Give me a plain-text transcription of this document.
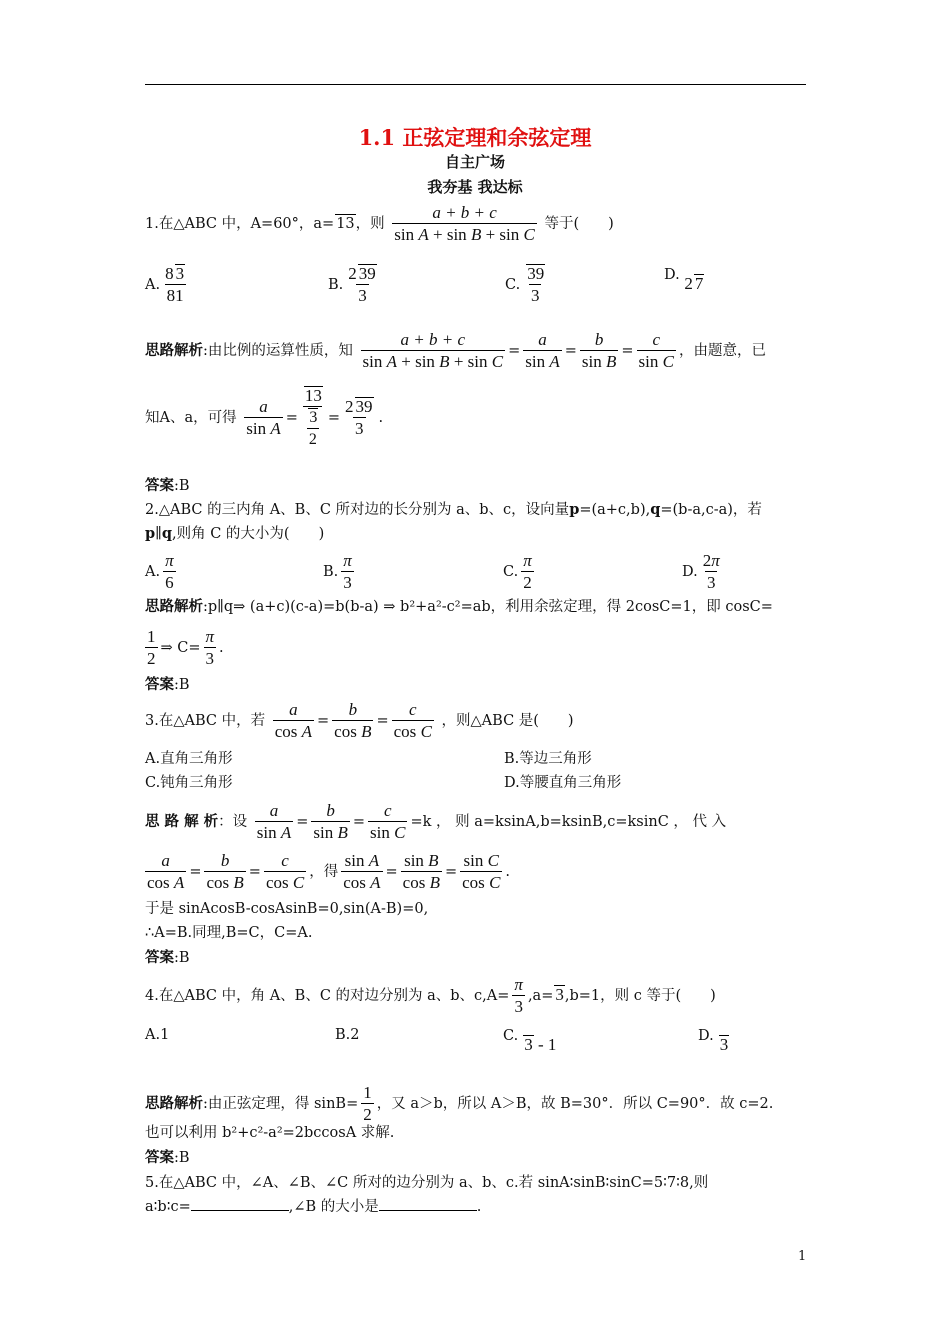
1.1 正弦定理和余弦定理
自主广场
我夯基 我达标
1.在△ABC 中，A=60°，a= 13，则 $\frac{a + b + c}{\text{sin A + sin B + sin C}}$ 等于(　　)
A. $\frac{8 3}{81}$	B. $\frac{2 39}{3}$	C. $\frac{39}{3}$	D. 2 7
思路解析:由比例的运算性质，知 $\frac{a + b + c}{\text{sin A + sin B + sin C}} = \frac{a}{\text{sin A}} = \frac{b}{\text{sin B}} = \frac{c}{\text{sin C}}$ ，由题意，已
知A、a，可得 $\frac{a}{\text{sin A}} = \frac{13}{\frac{3}{2}} = \frac{2 39}{3}$ .
答案:B
2.△ABC 的三内角 A、B、C 所对边的长分别为 a、b、c，设向量p=(a+c,b),q=(b-a,c-a)，若
p∥q,则角 C 的大小为(　　)
A. $\frac{\pi}{6}$	B. $\frac{\pi}{3}$	C. $\frac{\pi}{2}$	D. $\frac{2\pi}{3}$
思路解析:p∥q⇒ (a+c)(c-a)=b(b-a) ⇒ b²+a²-c²=ab，利用余弦定理，得 2cosC=1，即 cosC=
$\frac{1}{2}$ ⇒ $C= \frac{\pi}{3}$ .
答案:B
3.在△ABC 中，若 $\frac{a}{\text{cos A}} = \frac{b}{\text{cos B}} = \frac{c}{\text{cos C}}$ ，则△ABC 是(　　)
A.直角三角形	B.等边三角形
C.钝角三角形	D.等腰直角三角形
思 路 解 析：设 $\frac{a}{\text{sin A}} = \frac{b}{\text{sin B}} = \frac{c}{\text{sin C}} =k$ ， 则 a=ksinA,b=ksinB,c=ksinC ， 代 入
$\frac{a}{\text{cos A}} = \frac{b}{\text{cos B}} = \frac{c}{\text{cos C}}$ ，得 $\frac{\text{sin A}}{\text{cos A}} = \frac{\text{sin B}}{\text{cos B}} = \frac{\text{sin C}}{\text{cos C}}$ .
于是 sinAcosB-cosAsinB=0,sin(A-B)=0,
∴A=B.同理,B=C，C=A.
答案:B
4.在△ABC 中，角 A、B、C 的对边分别为 a、b、$c,A= \frac{\pi}{3} ,a= 3,b=1$，则 c 等于(　　)
A.1	B.2	C. 3 - 1	D. 3
思路解析:由正弦定理，得 $\sin B= \frac{1}{2}$ ，又 a＞b，所以 A＞B，故 B=30°．所以 C=90°．故 c=2.
也可以利用 b²+c²-a²=2bccosA 求解.
答案:B
5.在△ABC 中，∠A、∠B、∠C 所对的边分别为 a、b、c.若 sinA∶sinB∶sinC=5∶7∶8,则
a∶b∶c=	,∠B 的大小是	.
1
